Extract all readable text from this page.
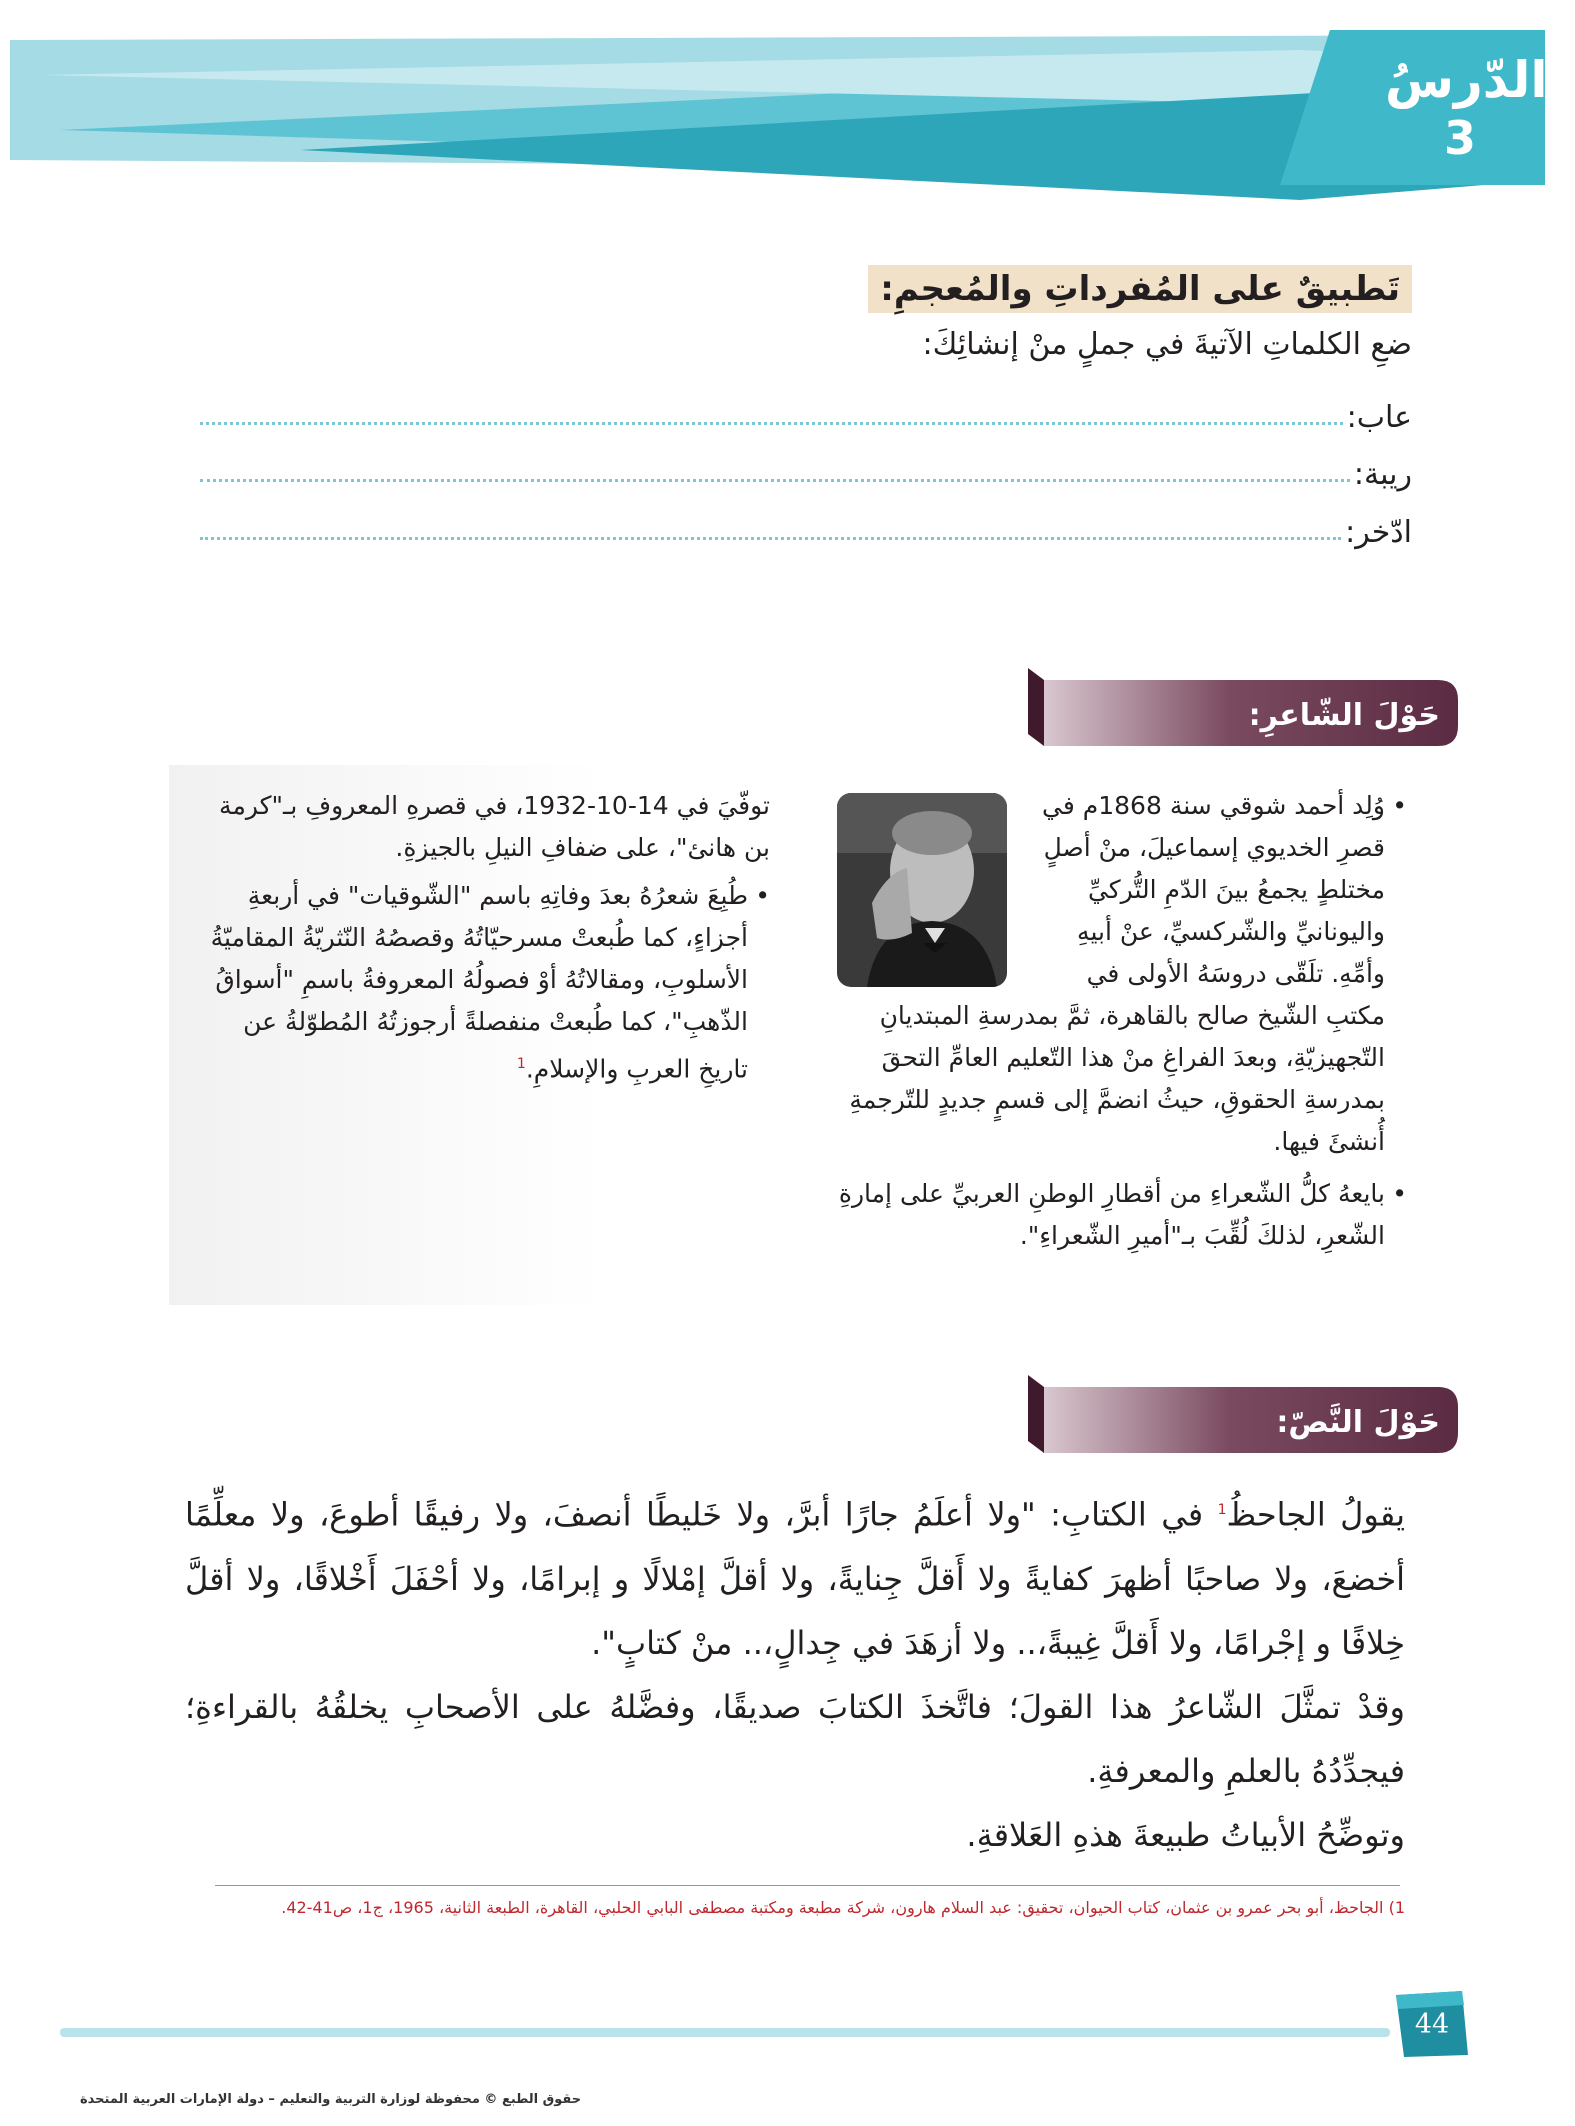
الدّرسُ
3
تَطبيقٌ على المُفرداتِ والمُعجمِ:
ضعِ الكلماتِ الآتيةَ في جملٍ منْ إنشائِكَ:
عاب:
ريبة:
ادّخر:
حَوْلَ الشّاعرِ:

• وُلِد أحمد شوقي سنة 1868م في قصرِ الخديوي إسماعيلَ، منْ أصلٍ مختلطٍ يجمعُ بينَ الدّمِ التُّركيِّ واليونانيِّ والشّركسيِّ، عنْ أبيهِ وأمِّهِ. تلَقّى دروسَهُ الأولى في مكتبِ الشّيخ صالح بالقاهرة، ثمَّ بمدرسةِ المبتديانِ التّجهيزيّةِ، وبعدَ الفراغِ منْ هذا التّعليم العامِّ التحقَ بمدرسةِ الحقوقِ، حيثُ انضمَّ إلى قسمٍ جديدٍ للتّرجمةِ أُنشئَ فيها.

• بايعهُ كلُّ الشّعراءِ من أقطارِ الوطنِ العربيِّ على إمارةِ الشّعرِ، لذلكَ لُقِّبَ بـ"أميرِ الشّعراءِ".

توفّيَ في 14-10-1932، في قصرهِ المعروفِ بـ"كرمة بن هانئ"، على ضفافِ النيلِ بالجيزةِ.

• طُبِعَ شعرُهُ بعدَ وفاتِهِ باسم "الشّوقيات" في أربعةِ أجزاءٍ، كما طُبعتْ مسرحيّاتُهُ وقصصُهُ النّثريّةُ المقاميّةُ الأسلوبِ، ومقالاتُهُ أوْ فصولُهُ المعروفةُ باسمِ "أسواقُ الذّهبِ"، كما طُبعتْ منفصلةً أرجوزتُهُ المُطوّلةُ عن تاريخِ العربِ والإسلامِ.$^1$

حَوْلَ النَّصّ:

يقولُ الجاحظُ$^1$ في الكتابِ: "ولا أعلَمُ جارًا أبرَّ، ولا خَليطًا أنصفَ، ولا رفيقًا أطوعَ، ولا معلِّمًا أخضعَ، ولا صاحبًا أظهرَ كفايةً ولا أَقلَّ جِنايةً، ولا أقلَّ إمْلالًا و إبرامًا، ولا أحْفَلَ أَخْلاقًا، ولا أقلَّ خِلافًا و إجْرامًا، ولا أَقلَّ غِيبةً،.. ولا أزهَدَ في جِدالٍ،.. منْ كتابٍ".

وقدْ تمثَّلَ الشّاعرُ هذا القولَ؛ فاتَّخذَ الكتابَ صديقًا، وفضَّلهُ على الأصحابِ يخلقُهُ بالقراءةِ؛ فيجدِّدُهُ بالعلمِ والمعرفةِ.

وتوضِّحُ الأبياتُ طبيعةَ هذهِ العَلاقةِ.

1) الجاحظ، أبو بحر عمرو بن عثمان، كتاب الحيوان، تحقيق: عبد السلام هارون، شركة مطبعة ومكتبة مصطفى البابي الحلبي، القاهرة، الطبعة الثانية، 1965، ج1، ص41-42.
44
حقوق الطبع © محفوظة لوزارة التربية والتعليم – دولة الإمارات العربية المتحدة
